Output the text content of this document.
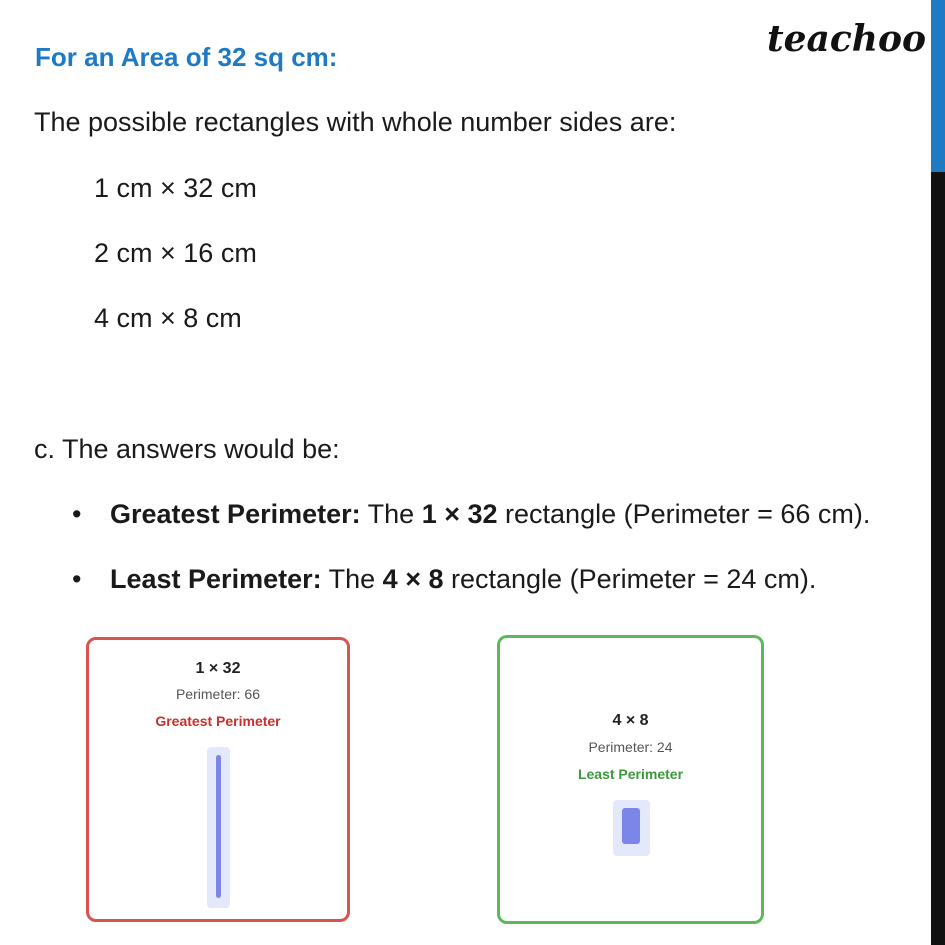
For an Area of 32 sq cm:	teachoo
The possible rectangles with whole number sides are:
1 cm × 32 cm
2 cm × 16 cm
4 cm × 8 cm
c. The answers would be:
• Greatest Perimeter: The 1 × 32 rectangle (Perimeter = 66 cm).
• Least Perimeter: The 4 × 8 rectangle (Perimeter = 24 cm).
1 × 32
Perimeter: 66
Greatest Perimeter	4 × 8
Perimeter: 24
Least Perimeter
